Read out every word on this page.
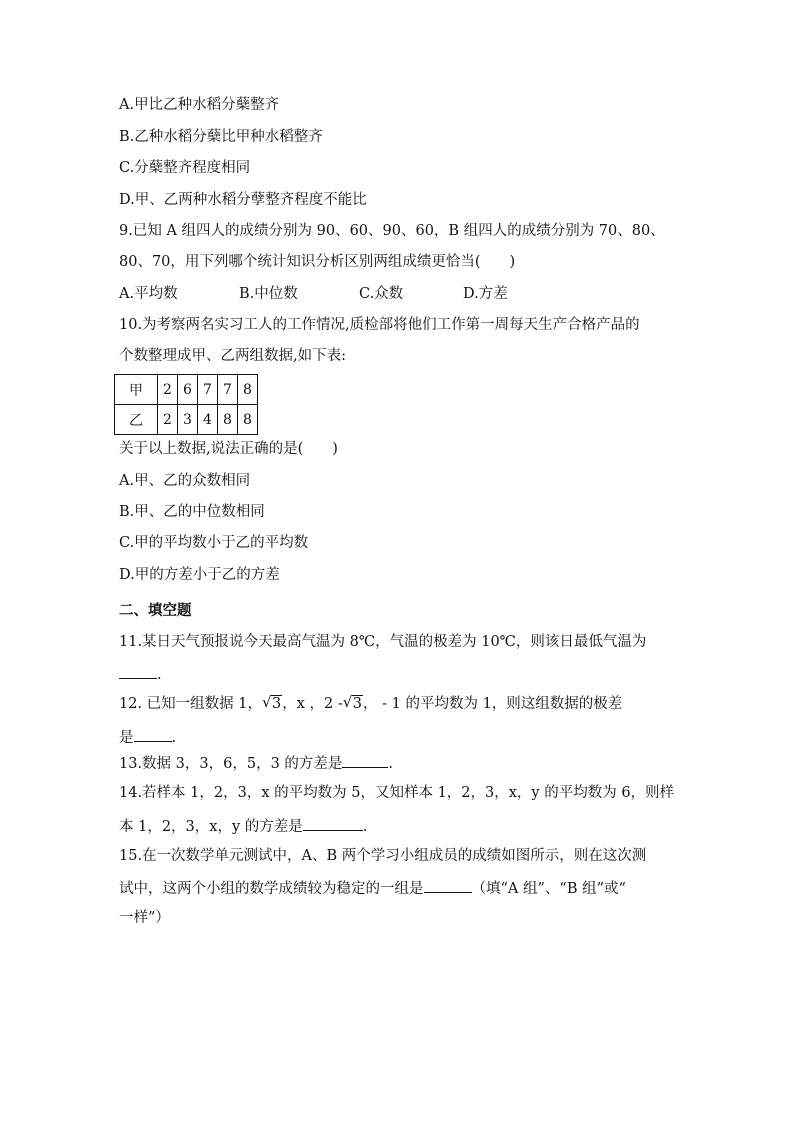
A.甲比乙种水稻分蘖整齐
B.乙种水稻分蘖比甲种水稻整齐
C.分蘖整齐程度相同
D.甲、乙两种水稻分孽整齐程度不能比
9.已知 A 组四人的成绩分别为 90、60、90、60，B 组四人的成绩分别为 70、80、
80、70，用下列哪个统计知识分析区别两组成绩更恰当(　　)
A.平均数	B.中位数	C.众数	D.方差
10.为考察两名实习工人的工作情况,质检部将他们工作第一周每天生产合格产品的
个数整理成甲、乙两组数据,如下表:
甲	2	6	7	7	8
乙	2	3	4	8	8
关于以上数据,说法正确的是(　　)
A.甲、乙的众数相同
B.甲、乙的中位数相同
C.甲的平均数小于乙的平均数
D.甲的方差小于乙的方差
二、填空题
11.某日天气预报说今天最高气温为 8℃，气温的极差为 10℃，则该日最低气温为
.
12. 已知一组数据 1， √ 3，x ，2 - √ 3， - 1 的平均数为 1，则这组数据的极差
是	.
13.数据 3，3，6，5，3 的方差是	.
14.若样本 1，2，3，x 的平均数为 5，又知样本 1，2，3，x，y 的平均数为 6，则样
本 1，2，3，x，y 的方差是	.
15.在一次数学单元测试中，A、B 两个学习小组成员的成绩如图所示，则在这次测
试中，这两个小组的数学成绩较为稳定的一组是	（填“A 组”、“B 组”或“
一样”）
